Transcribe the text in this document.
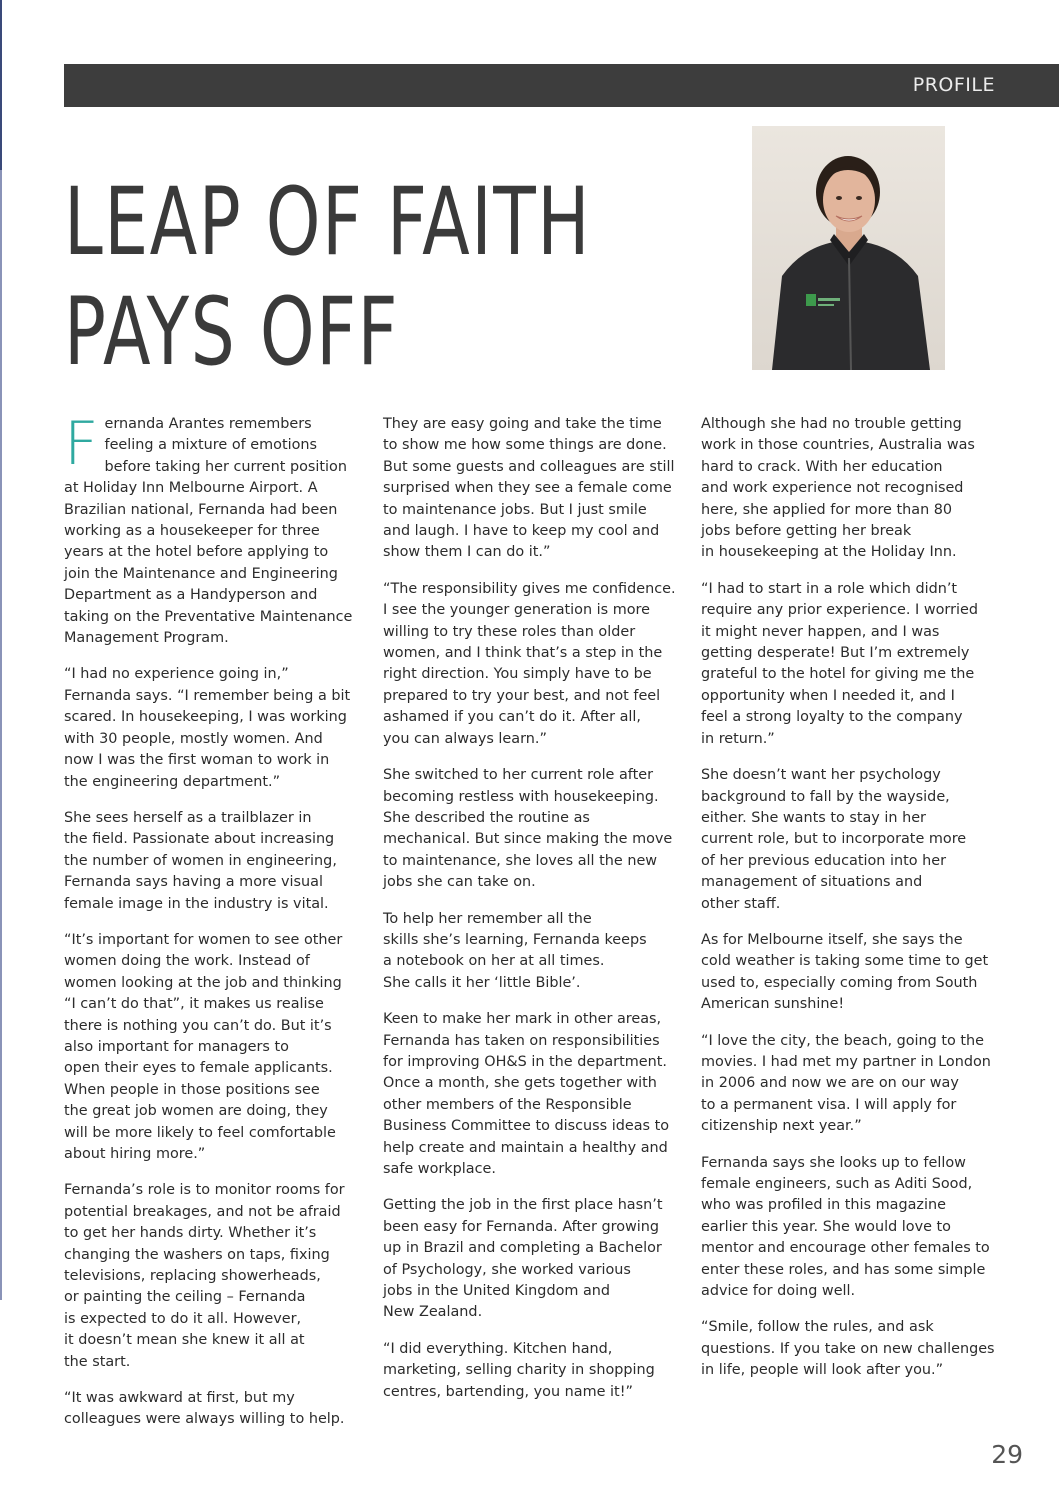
PROFILE
LEAP OF FAITH
PAYS OFF

Fernanda Arantes remembers
feeling a mixture of emotions
before taking her current position
at Holiday Inn Melbourne Airport. A
Brazilian national, Fernanda had been
working as a housekeeper for three
years at the hotel before applying to
join the Maintenance and Engineering
Department as a Handyperson and
taking on the Preventative Maintenance
Management Program.

“I had no experience going in,”
Fernanda says. “I remember being a bit
scared. In housekeeping, I was working
with 30 people, mostly women. And
now I was the first woman to work in
the engineering department.”

She sees herself as a trailblazer in
the field. Passionate about increasing
the number of women in engineering,
Fernanda says having a more visual
female image in the industry is vital.

“It’s important for women to see other
women doing the work. Instead of
women looking at the job and thinking
“I can’t do that”, it makes us realise
there is nothing you can’t do. But it’s
also important for managers to
open their eyes to female applicants.
When people in those positions see
the great job women are doing, they
will be more likely to feel comfortable
about hiring more.”

Fernanda’s role is to monitor rooms for
potential breakages, and not be afraid
to get her hands dirty. Whether it’s
changing the washers on taps, fixing
televisions, replacing showerheads,
or painting the ceiling – Fernanda
is expected to do it all. However,
it doesn’t mean she knew it all at
the start.

“It was awkward at first, but my
colleagues were always willing to help.

They are easy going and take the time
to show me how some things are done.
But some guests and colleagues are still
surprised when they see a female come
to maintenance jobs. But I just smile
and laugh. I have to keep my cool and
show them I can do it.”

“The responsibility gives me confidence.
I see the younger generation is more
willing to try these roles than older
women, and I think that’s a step in the
right direction. You simply have to be
prepared to try your best, and not feel
ashamed if you can’t do it. After all,
you can always learn.”

She switched to her current role after
becoming restless with housekeeping.
She described the routine as
mechanical. But since making the move
to maintenance, she loves all the new
jobs she can take on.

To help her remember all the
skills she’s learning, Fernanda keeps
a notebook on her at all times.
She calls it her ‘little Bible’.

Keen to make her mark in other areas,
Fernanda has taken on responsibilities
for improving OH&S in the department.
Once a month, she gets together with
other members of the Responsible
Business Committee to discuss ideas to
help create and maintain a healthy and
safe workplace.

Getting the job in the first place hasn’t
been easy for Fernanda. After growing
up in Brazil and completing a Bachelor
of Psychology, she worked various
jobs in the United Kingdom and
New Zealand.

“I did everything. Kitchen hand,
marketing, selling charity in shopping
centres, bartending, you name it!”

Although she had no trouble getting
work in those countries, Australia was
hard to crack. With her education
and work experience not recognised
here, she applied for more than 80
jobs before getting her break
in housekeeping at the Holiday Inn.

“I had to start in a role which didn’t
require any prior experience. I worried
it might never happen, and I was
getting desperate! But I’m extremely
grateful to the hotel for giving me the
opportunity when I needed it, and I
feel a strong loyalty to the company
in return.”

She doesn’t want her psychology
background to fall by the wayside,
either. She wants to stay in her
current role, but to incorporate more
of her previous education into her
management of situations and
other staff.

As for Melbourne itself, she says the
cold weather is taking some time to get
used to, especially coming from South
American sunshine!

“I love the city, the beach, going to the
movies. I had met my partner in London
in 2006 and now we are on our way
to a permanent visa. I will apply for
citizenship next year.”

Fernanda says she looks up to fellow
female engineers, such as Aditi Sood,
who was profiled in this magazine
earlier this year. She would love to
mentor and encourage other females to
enter these roles, and has some simple
advice for doing well.

“Smile, follow the rules, and ask
questions. If you take on new challenges
in life, people will look after you.”

29
